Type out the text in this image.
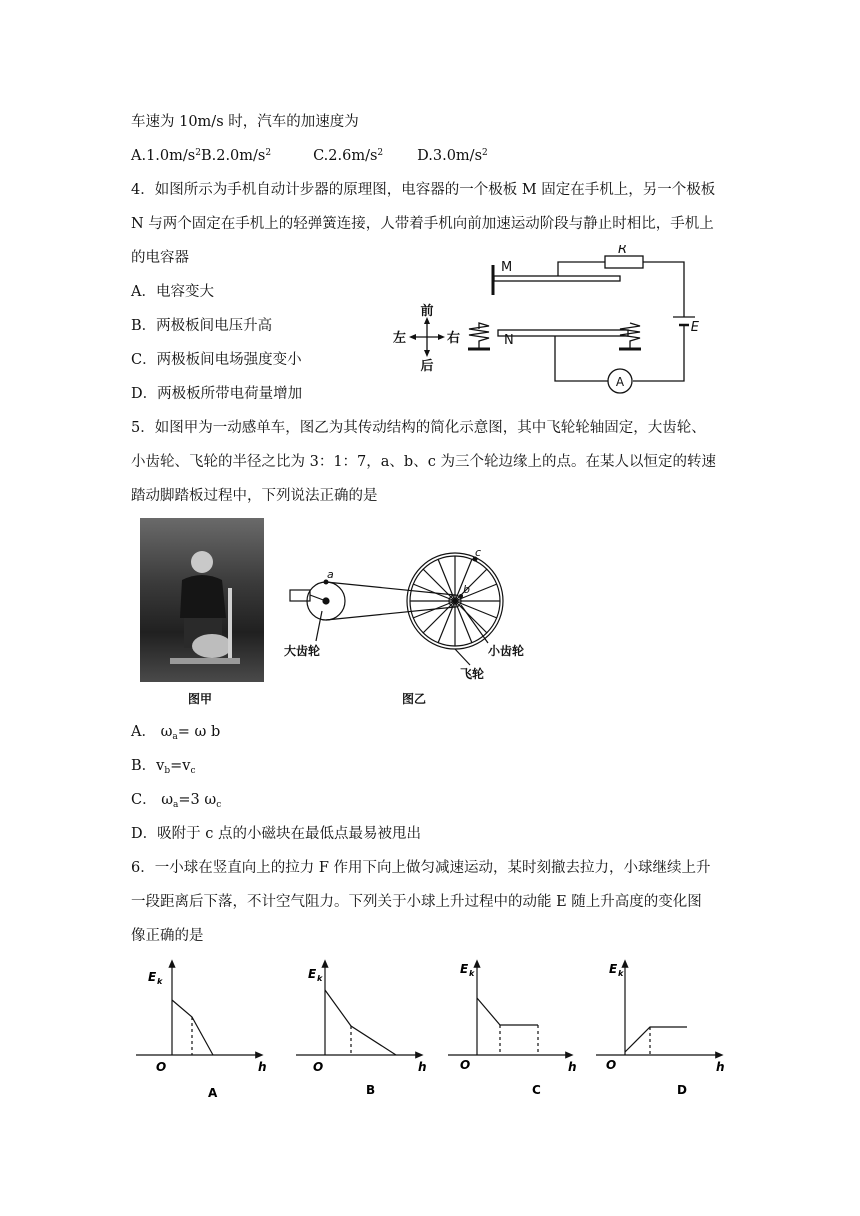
车速为 10m/s 时，汽车的加速度为
$A.1.0m/s^2B.2.0m/s^2$	$C.2.6m/s^2$ $D.3.0m/s^2$
4．如图所示为手机自动计步器的原理图，电容器的一个极板 M 固定在手机上，另一个极板
N 与两个固定在手机上的轻弹簧连接，人带着手机向前加速运动阶段与静止时相比，手机上
的电容器
A．电容变大
B．两极板间电压升高
C．两极板间电场强度变小
D．两极板所带电荷量增加
M
N
R
E
A
前
后
左	右
5．如图甲为一动感单车，图乙为其传动结构的简化示意图，其中飞轮轮轴固定，大齿轮、
小齿轮、飞轮的半径之比为 3：1：7，a、b、c 为三个轮边缘上的点。在某人以恒定的转速
踏动脚踏板过程中，下列说法正确的是
图甲
a
b
c
大齿轮	小齿轮
飞轮
图乙
A． $\omega_a= \omega$ b
B．$v_b=v_c$
C． $\omega_a=3$ $\omega_c$
D．吸附于 c 点的小磁块在最低点最易被甩出
6．一小球在竖直向上的拉力 F 作用下向上做匀减速运动，某时刻撤去拉力，小球继续上升
一段距离后下落，不计空气阻力。下列关于小球上升过程中的动能 E 随上升高度的变化图
像正确的是
E k
O	h
A
E k
O	h
B
E k
O	h
C
E k
O	h
D
